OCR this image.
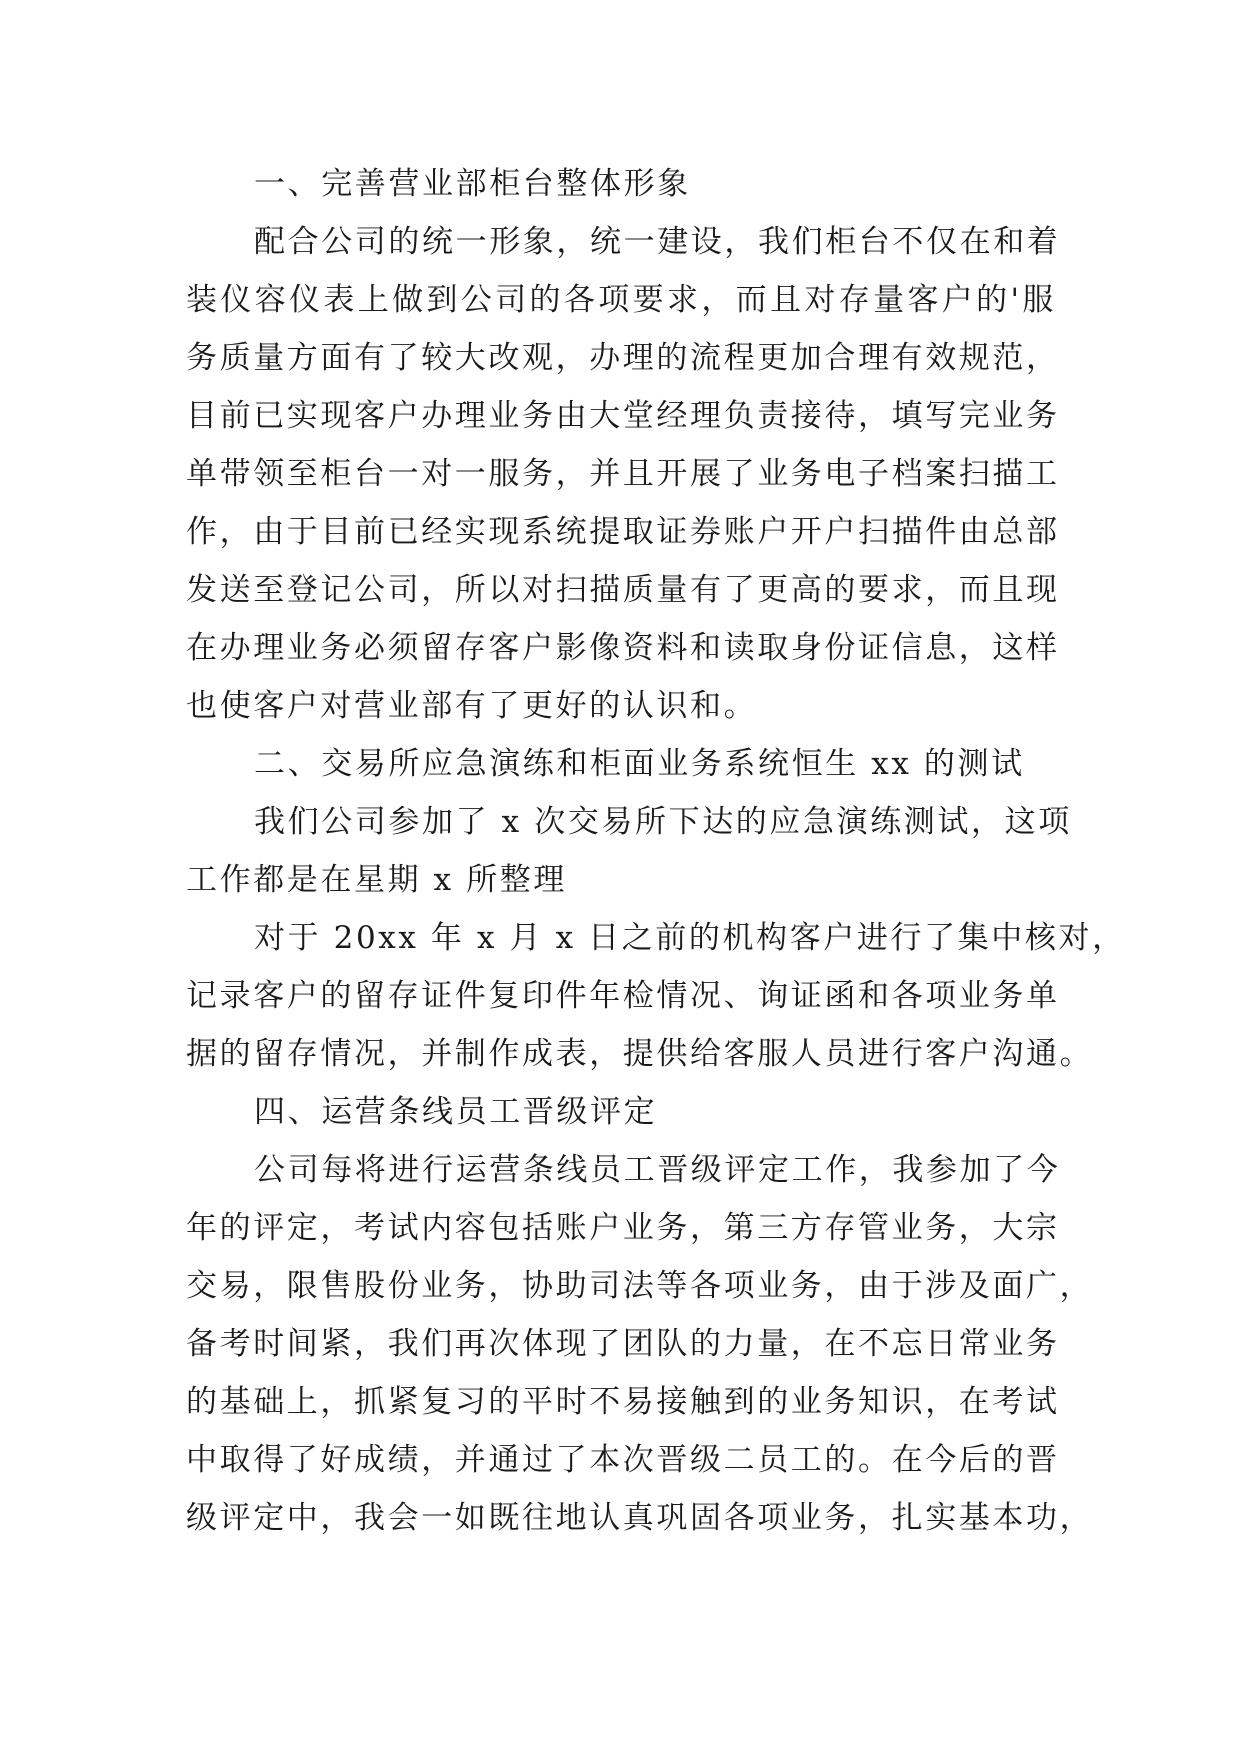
一、完善营业部柜台整体形象
配合公司的统一形象，统一建设，我们柜台不仅在和着
装仪容仪表上做到公司的各项要求，而且对存量客户的'服
务质量方面有了较大改观，办理的流程更加合理有效规范，
目前已实现客户办理业务由大堂经理负责接待，填写完业务
单带领至柜台一对一服务，并且开展了业务电子档案扫描工
作，由于目前已经实现系统提取证券账户开户扫描件由总部
发送至登记公司，所以对扫描质量有了更高的要求，而且现
在办理业务必须留存客户影像资料和读取身份证信息，这样
也使客户对营业部有了更好的认识和。
二、交易所应急演练和柜面业务系统恒生 xx 的测试
我们公司参加了 x 次交易所下达的应急演练测试，这项
工作都是在星期 x 所整理
对于 20xx 年 x 月 x 日之前的机构客户进行了集中核对，
记录客户的留存证件复印件年检情况、询证函和各项业务单
据的留存情况，并制作成表，提供给客服人员进行客户沟通。
四、运营条线员工晋级评定
公司每将进行运营条线员工晋级评定工作，我参加了今
年的评定，考试内容包括账户业务，第三方存管业务，大宗
交易，限售股份业务，协助司法等各项业务，由于涉及面广，
备考时间紧，我们再次体现了团队的力量，在不忘日常业务
的基础上，抓紧复习的平时不易接触到的业务知识，在考试
中取得了好成绩，并通过了本次晋级二员工的。在今后的晋
级评定中，我会一如既往地认真巩固各项业务，扎实基本功，
